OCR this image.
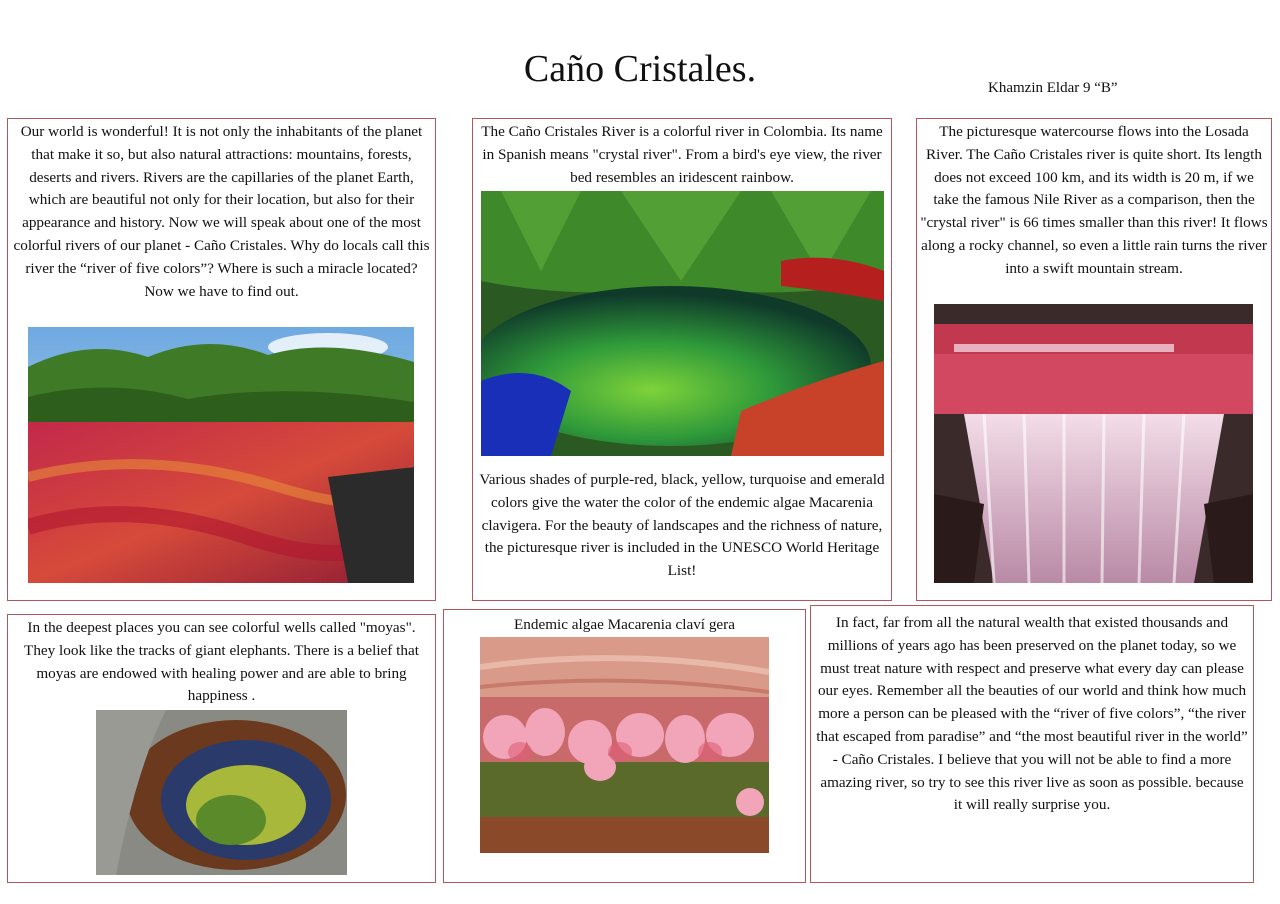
Caño Cristales.	Khamzin Eldar 9 “B”
Our world is wonderful! It is not only the inhabitants of the planet that make it so, but also natural attractions: mountains, forests, deserts and rivers. Rivers are the capillaries of the planet Earth, which are beautiful not only for their location, but also for their appearance and history. Now we will speak about one of the most colorful rivers of our planet - Caño Cristales. Why do locals call this river the “river of five colors”? Where is such a miracle located? Now we have to find out.
The Caño Cristales River is a colorful river in Colombia. Its name in Spanish means "crystal river". From a bird's eye view, the river bed resembles an iridescent rainbow.
Various shades of purple-red, black, yellow, turquoise and emerald colors give the water the color of the endemic algae Macarenia clavigera. For the beauty of landscapes and the richness of nature, the picturesque river is included in the UNESCO World Heritage List!
The picturesque watercourse flows into the Losada River. The Caño Cristales river is quite short. Its length does not exceed 100 km, and its width is 20 m, if we take the famous Nile River as a comparison, then the "crystal river" is 66 times smaller than this river! It flows along a rocky channel, so even a little rain turns the river into a swift mountain stream.
In the deepest places you can see colorful wells called "moyas". They look like the tracks of giant elephants. There is a belief that moyas are endowed with healing power and are able to bring happiness .
Endemic algae Macarenia claví gera	In fact, far from all the natural wealth that existed thousands and millions of years ago has been preserved on the planet today, so we must treat nature with respect and preserve what every day can please our eyes. Remember all the beauties of our world and think how much more a person can be pleased with the “river of five colors”, “the river that escaped from paradise” and “the most beautiful river in the world” - Caño Cristales. I believe that you will not be able to find a more amazing river, so try to see this river live as soon as possible. because it will really surprise you.
